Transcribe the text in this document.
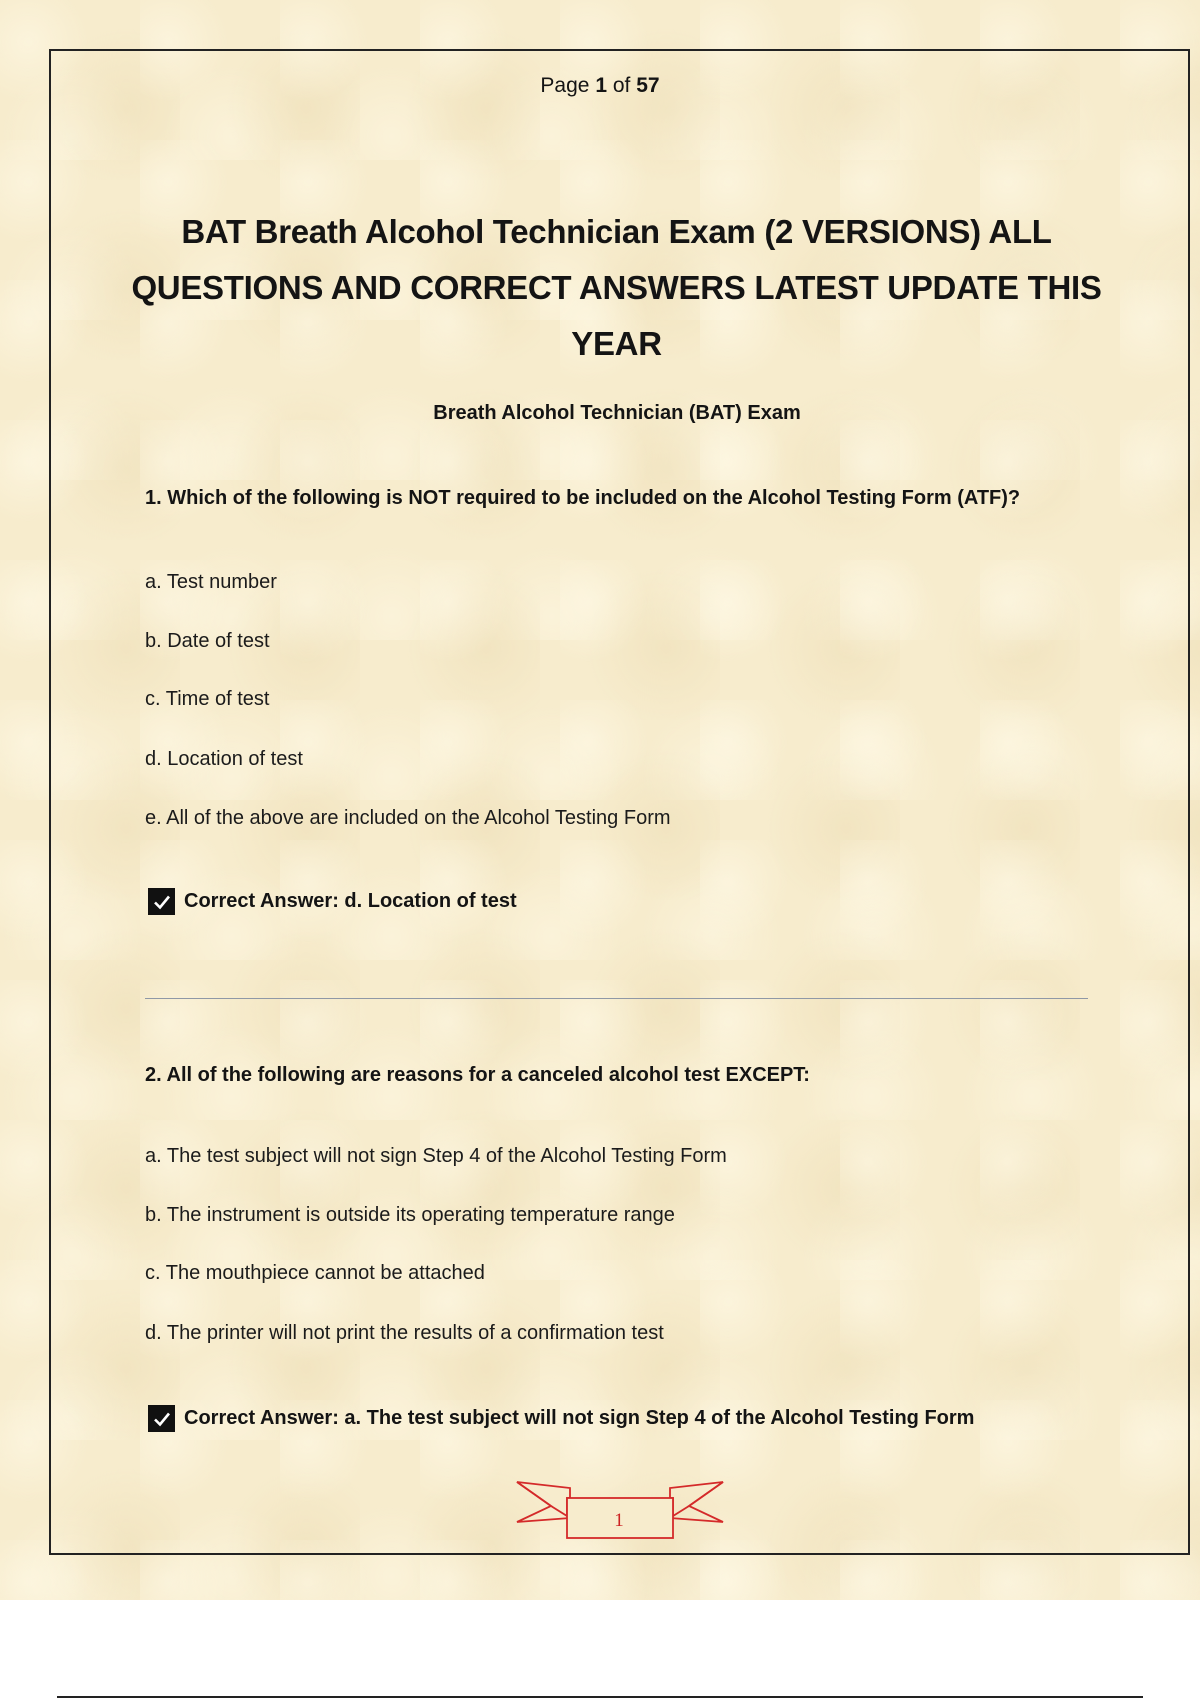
Page 1 of 57
BAT Breath Alcohol Technician Exam (2 VERSIONS) ALL QUESTIONS AND CORRECT ANSWERS LATEST UPDATE THIS YEAR
Breath Alcohol Technician (BAT) Exam
1. Which of the following is NOT required to be included on the Alcohol Testing Form (ATF)?
a. Test number
b. Date of test
c. Time of test
d. Location of test
e. All of the above are included on the Alcohol Testing Form
Correct Answer: d. Location of test
2. All of the following are reasons for a canceled alcohol test EXCEPT:
a. The test subject will not sign Step 4 of the Alcohol Testing Form
b. The instrument is outside its operating temperature range
c. The mouthpiece cannot be attached
d. The printer will not print the results of a confirmation test
Correct Answer: a. The test subject will not sign Step 4 of the Alcohol Testing Form
1
